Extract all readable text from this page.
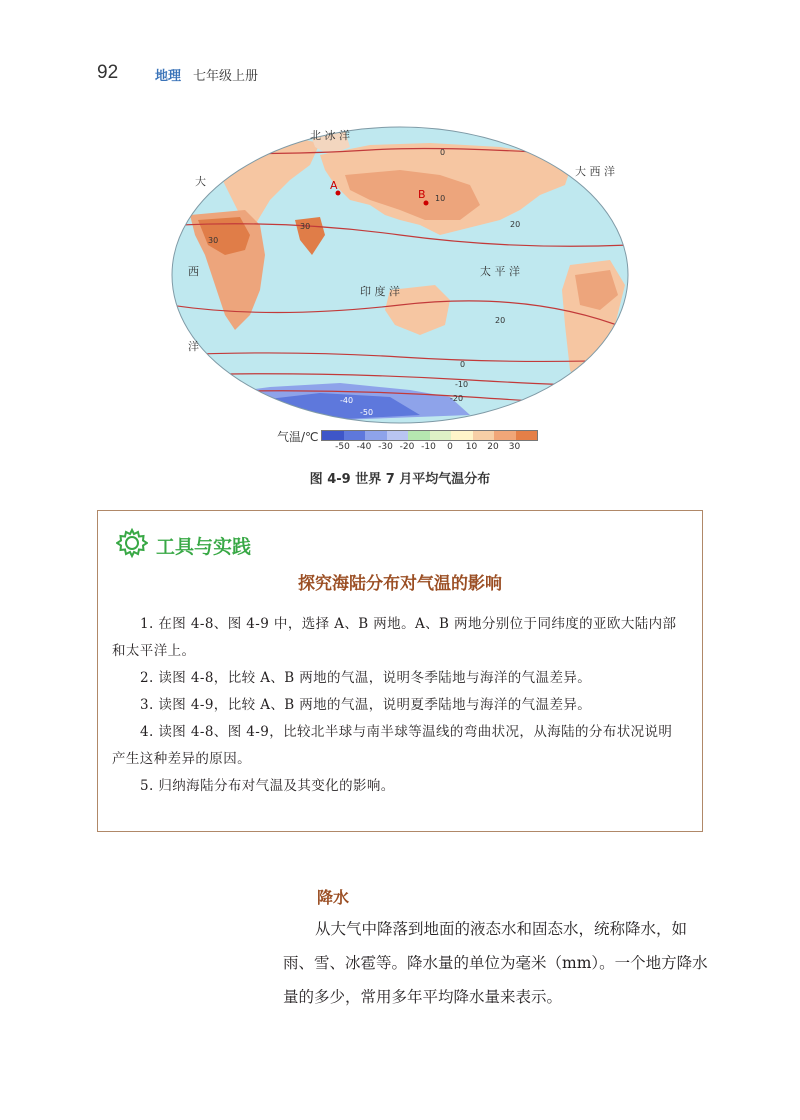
92	地理 七年级上册
北 冰 洋
印 度 洋
太 平 洋
大 西 洋
大
西
洋
A
B
0
10
20
30
30
20
0
-10
-20
-40
-50
气温/℃
-50 -40 -30 -20 -10 0 10 20 30
图 4-9 世界 7 月平均气温分布
工具与实践
探究海陆分布对气温的影响

1. 在图 4-8、图 4-9 中，选择 A、B 两地。A、B 两地分别位于同纬度的亚欧大陆内部和太平洋上。

2. 读图 4-8，比较 A、B 两地的气温，说明冬季陆地与海洋的气温差异。

3. 读图 4-9，比较 A、B 两地的气温，说明夏季陆地与海洋的气温差异。

4. 读图 4-8、图 4-9，比较北半球与南半球等温线的弯曲状况，从海陆的分布状况说明产生这种差异的原因。

5. 归纳海陆分布对气温及其变化的影响。

降水

从大气中降落到地面的液态水和固态水，统称降水，如雨、雪、冰雹等。降水量的单位为毫米（mm）。一个地方降水量的多少，常用多年平均降水量来表示。
